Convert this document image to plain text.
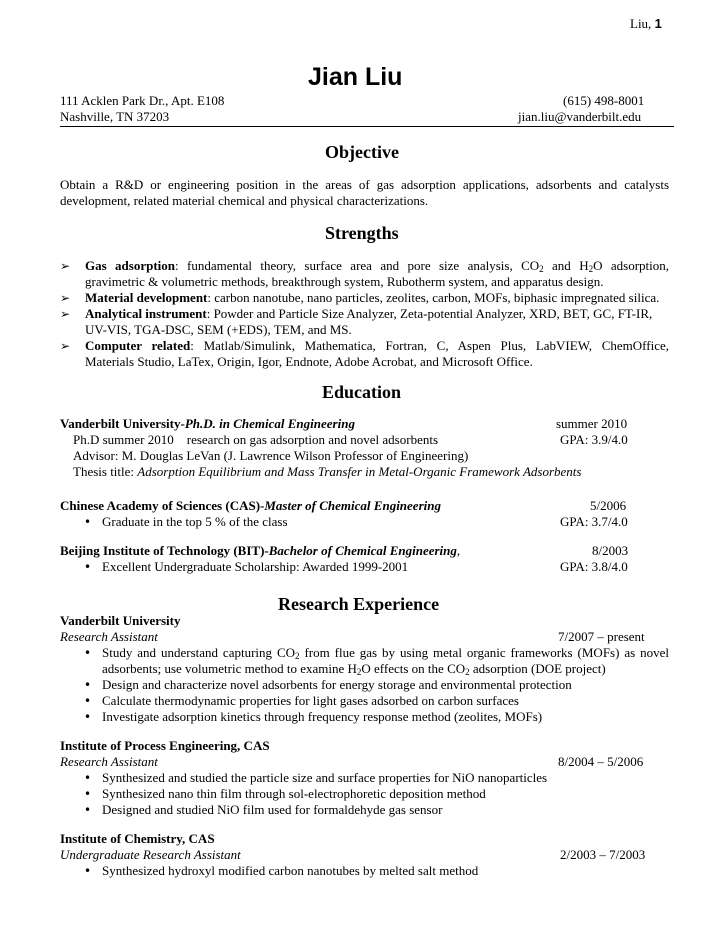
Liu, 1
Jian Liu
111 Acklen Park Dr., Apt. E108
Nashville, TN 37203
(615) 498-8001
jian.liu@vanderbilt.edu
Objective
Obtain a R&D or engineering position in the areas of gas adsorption applications, adsorbents and catalysts
development, related material chemical and physical characterizations.
Strengths
➢ Gas adsorption: fundamental theory, surface area and pore size analysis, $CO_2$ and $H_2O$ adsorption,
gravimetric & volumetric methods, breakthrough system, Rubotherm system, and apparatus design.
➢ Material development: carbon nanotube, nano particles, zeolites, carbon, MOFs, biphasic impregnated silica.
➢ Analytical instrument: Powder and Particle Size Analyzer, Zeta-potential Analyzer, XRD, BET, GC, FT-IR,
UV-VIS, TGA-DSC, SEM (+EDS), TEM, and MS.
➢ Computer related: Matlab/Simulink, Mathematica, Fortran, C, Aspen Plus, LabVIEW, ChemOffice,
Materials Studio, LaTex, Origin, Igor, Endnote, Adobe Acrobat, and Microsoft Office.
Education
Vanderbilt University-Ph.D. in Chemical Engineering	summer 2010
Ph.D summer 2010    research on gas adsorption and novel adsorbents	GPA: 3.9/4.0
Advisor: M. Douglas LeVan (J. Lawrence Wilson Professor of Engineering)
Thesis title: Adsorption Equilibrium and Mass Transfer in Metal-Organic Framework Adsorbents
Chinese Academy of Sciences (CAS)-Master of Chemical Engineering	5/2006
• Graduate in the top 5 % of the class	GPA: 3.7/4.0
Beijing Institute of Technology (BIT)-Bachelor of Chemical Engineering,	8/2003
• Excellent Undergraduate Scholarship: Awarded 1999-2001	GPA: 3.8/4.0
Research Experience
Vanderbilt University
Research Assistant	7/2007 – present
• Study and understand capturing $CO_2$ from flue gas by using metal organic frameworks (MOFs) as novel
adsorbents; use volumetric method to examine $H_2O$ effects on the $CO_2$ adsorption (DOE project)
• Design and characterize novel adsorbents for energy storage and environmental protection
• Calculate thermodynamic properties for light gases adsorbed on carbon surfaces
• Investigate adsorption kinetics through frequency response method (zeolites, MOFs)
Institute of Process Engineering, CAS
Research Assistant	8/2004 – 5/2006
• Synthesized and studied the particle size and surface properties for NiO nanoparticles
• Synthesized nano thin film through sol-electrophoretic deposition method
• Designed and studied NiO film used for formaldehyde gas sensor
Institute of Chemistry, CAS
Undergraduate Research Assistant	2/2003 – 7/2003
• Synthesized hydroxyl modified carbon nanotubes by melted salt method
